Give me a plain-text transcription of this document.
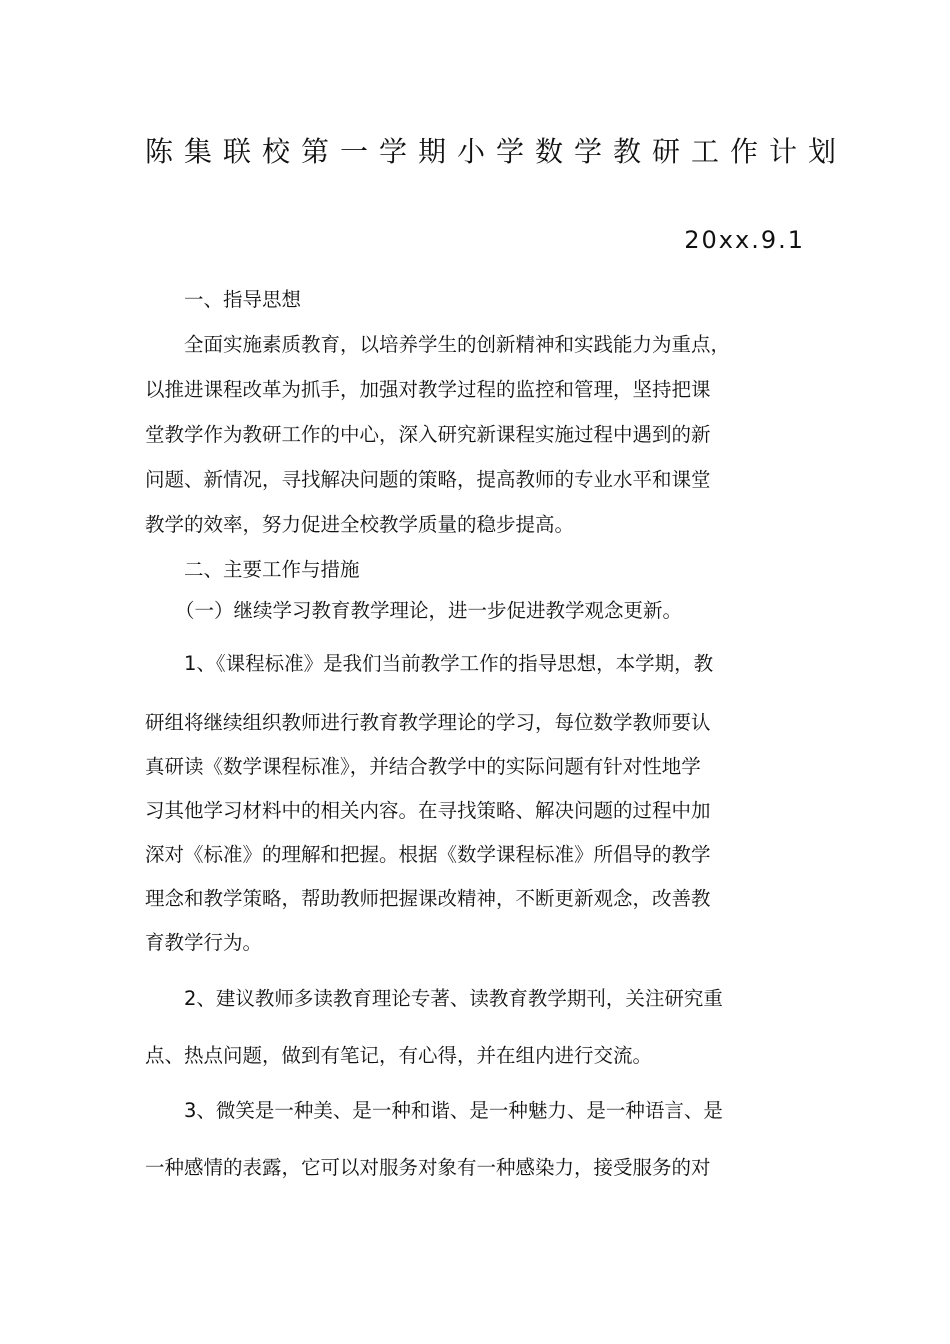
陈集联校第一学期小学数学教研工作计划
20xx.9.1
一、指导思想
全面实施素质教育，以培养学生的创新精神和实践能力为重点，
以推进课程改革为抓手，加强对教学过程的监控和管理，坚持把课
堂教学作为教研工作的中心，深入研究新课程实施过程中遇到的新
问题、新情况，寻找解决问题的策略，提高教师的专业水平和课堂
教学的效率，努力促进全校教学质量的稳步提高。
二、主要工作与措施
（一）继续学习教育教学理论，进一步促进教学观念更新。
1、《课程标准》是我们当前教学工作的指导思想，本学期，教
研组将继续组织教师进行教育教学理论的学习，每位数学教师要认
真研读《数学课程标准》，并结合教学中的实际问题有针对性地学
习其他学习材料中的相关内容。在寻找策略、解决问题的过程中加
深对《标准》的理解和把握。根据《数学课程标准》所倡导的教学
理念和教学策略，帮助教师把握课改精神，不断更新观念，改善教
育教学行为。
2、建议教师多读教育理论专著、读教育教学期刊，关注研究重
点、热点问题，做到有笔记，有心得，并在组内进行交流。
3、微笑是一种美、是一种和谐、是一种魅力、是一种语言、是
一种感情的表露，它可以对服务对象有一种感染力，接受服务的对
